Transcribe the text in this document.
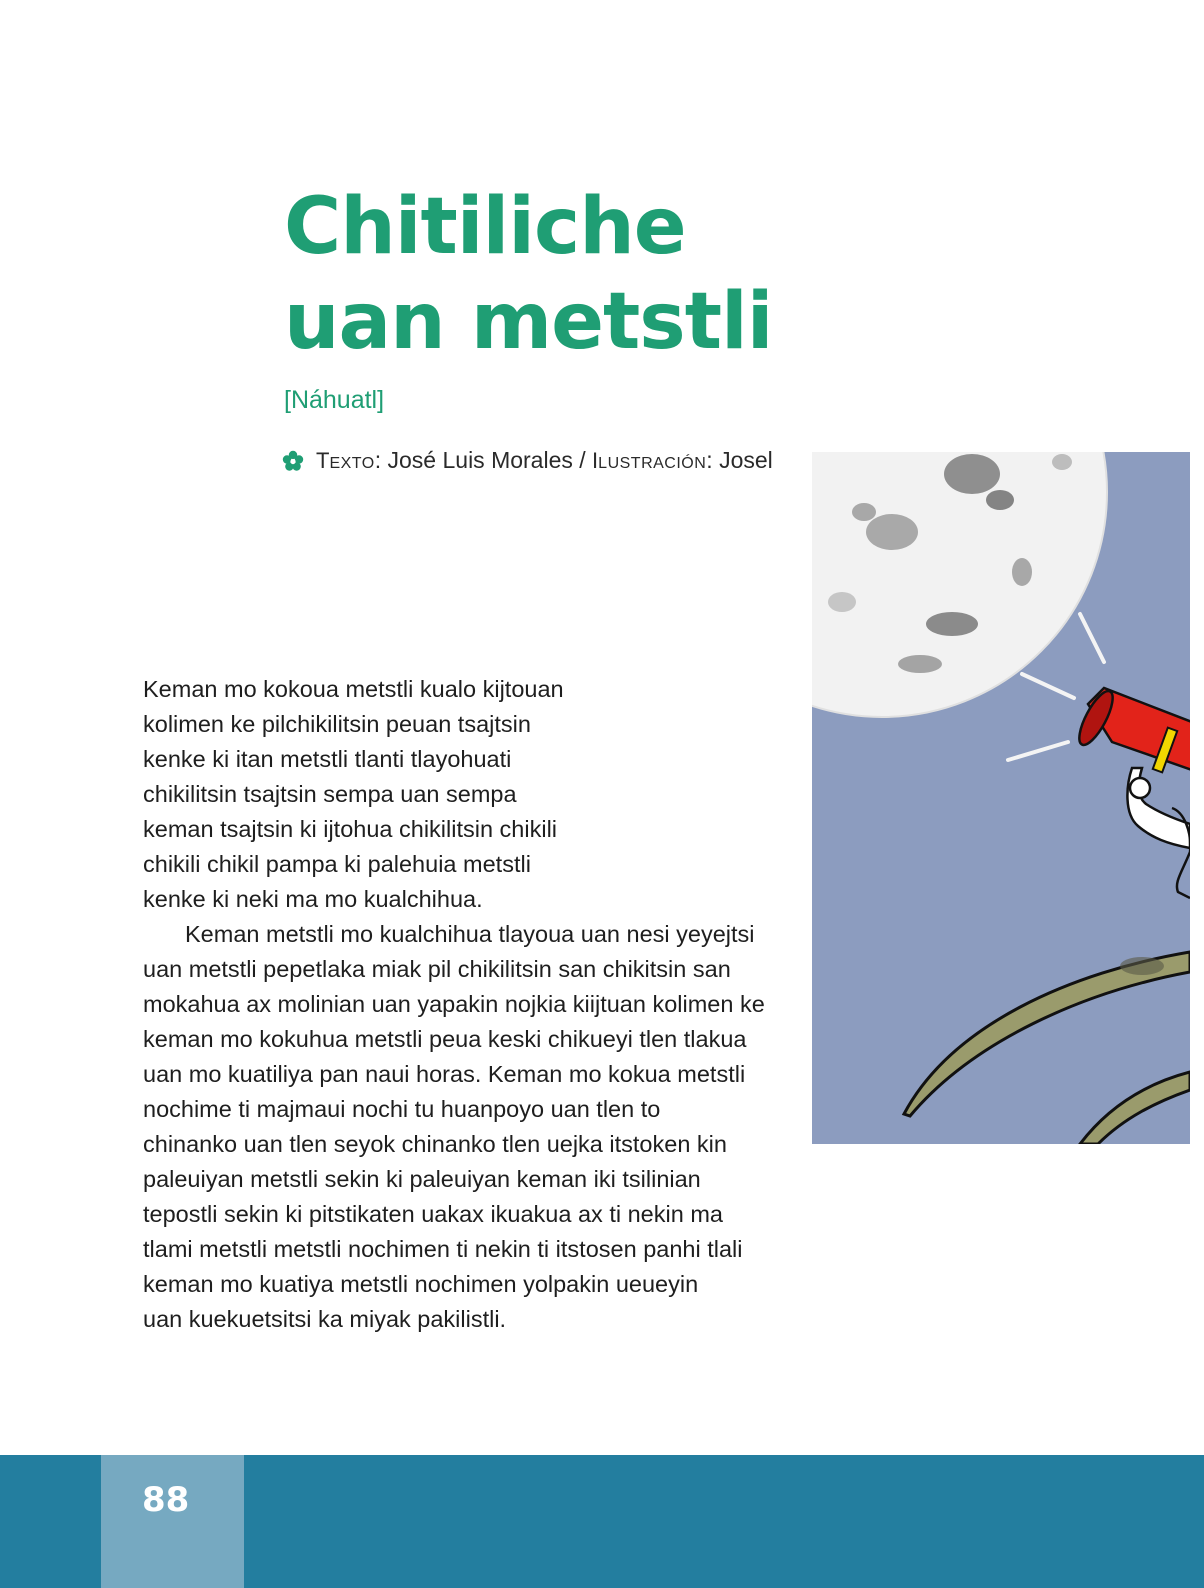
Chitiliche
uan metstli
[Náhuatl]
TEXTO : José Luis Morales / ILUSTRACIÓN : Josel
Keman mo kokoua metstli kualo kijtouan
kolimen ke pilchikilitsin peuan tsajtsin
kenke ki itan metstli tlanti tlayohuati
chikilitsin tsajtsin sempa uan sempa
keman tsajtsin ki ijtohua chikilitsin chikili
chikili chikil pampa ki palehuia metstli
kenke ki neki ma mo kualchihua.
Keman metstli mo kualchihua tlayoua uan nesi yeyejtsi
uan metstli pepetlaka miak pil chikilitsin san chikitsin san
mokahua ax molinian uan yapakin nojkia kiijtuan kolimen ke
keman mo kokuhua metstli peua keski chikueyi tlen tlakua
uan mo kuatiliya pan naui horas. Keman mo kokua metstli
nochime ti majmaui nochi tu huanpoyo uan tlen to
chinanko uan tlen seyok chinanko tlen uejka itstoken kin
paleuiyan metstli sekin ki paleuiyan keman iki tsilinian
tepostli sekin ki pitstikaten uakax ikuakua ax ti nekin ma
tlami metstli metstli nochimen ti nekin ti itstosen panhi tlali
keman mo kuatiya metstli nochimen yolpakin ueueyin
uan kuekuetsitsi ka miyak pakilistli.
88
